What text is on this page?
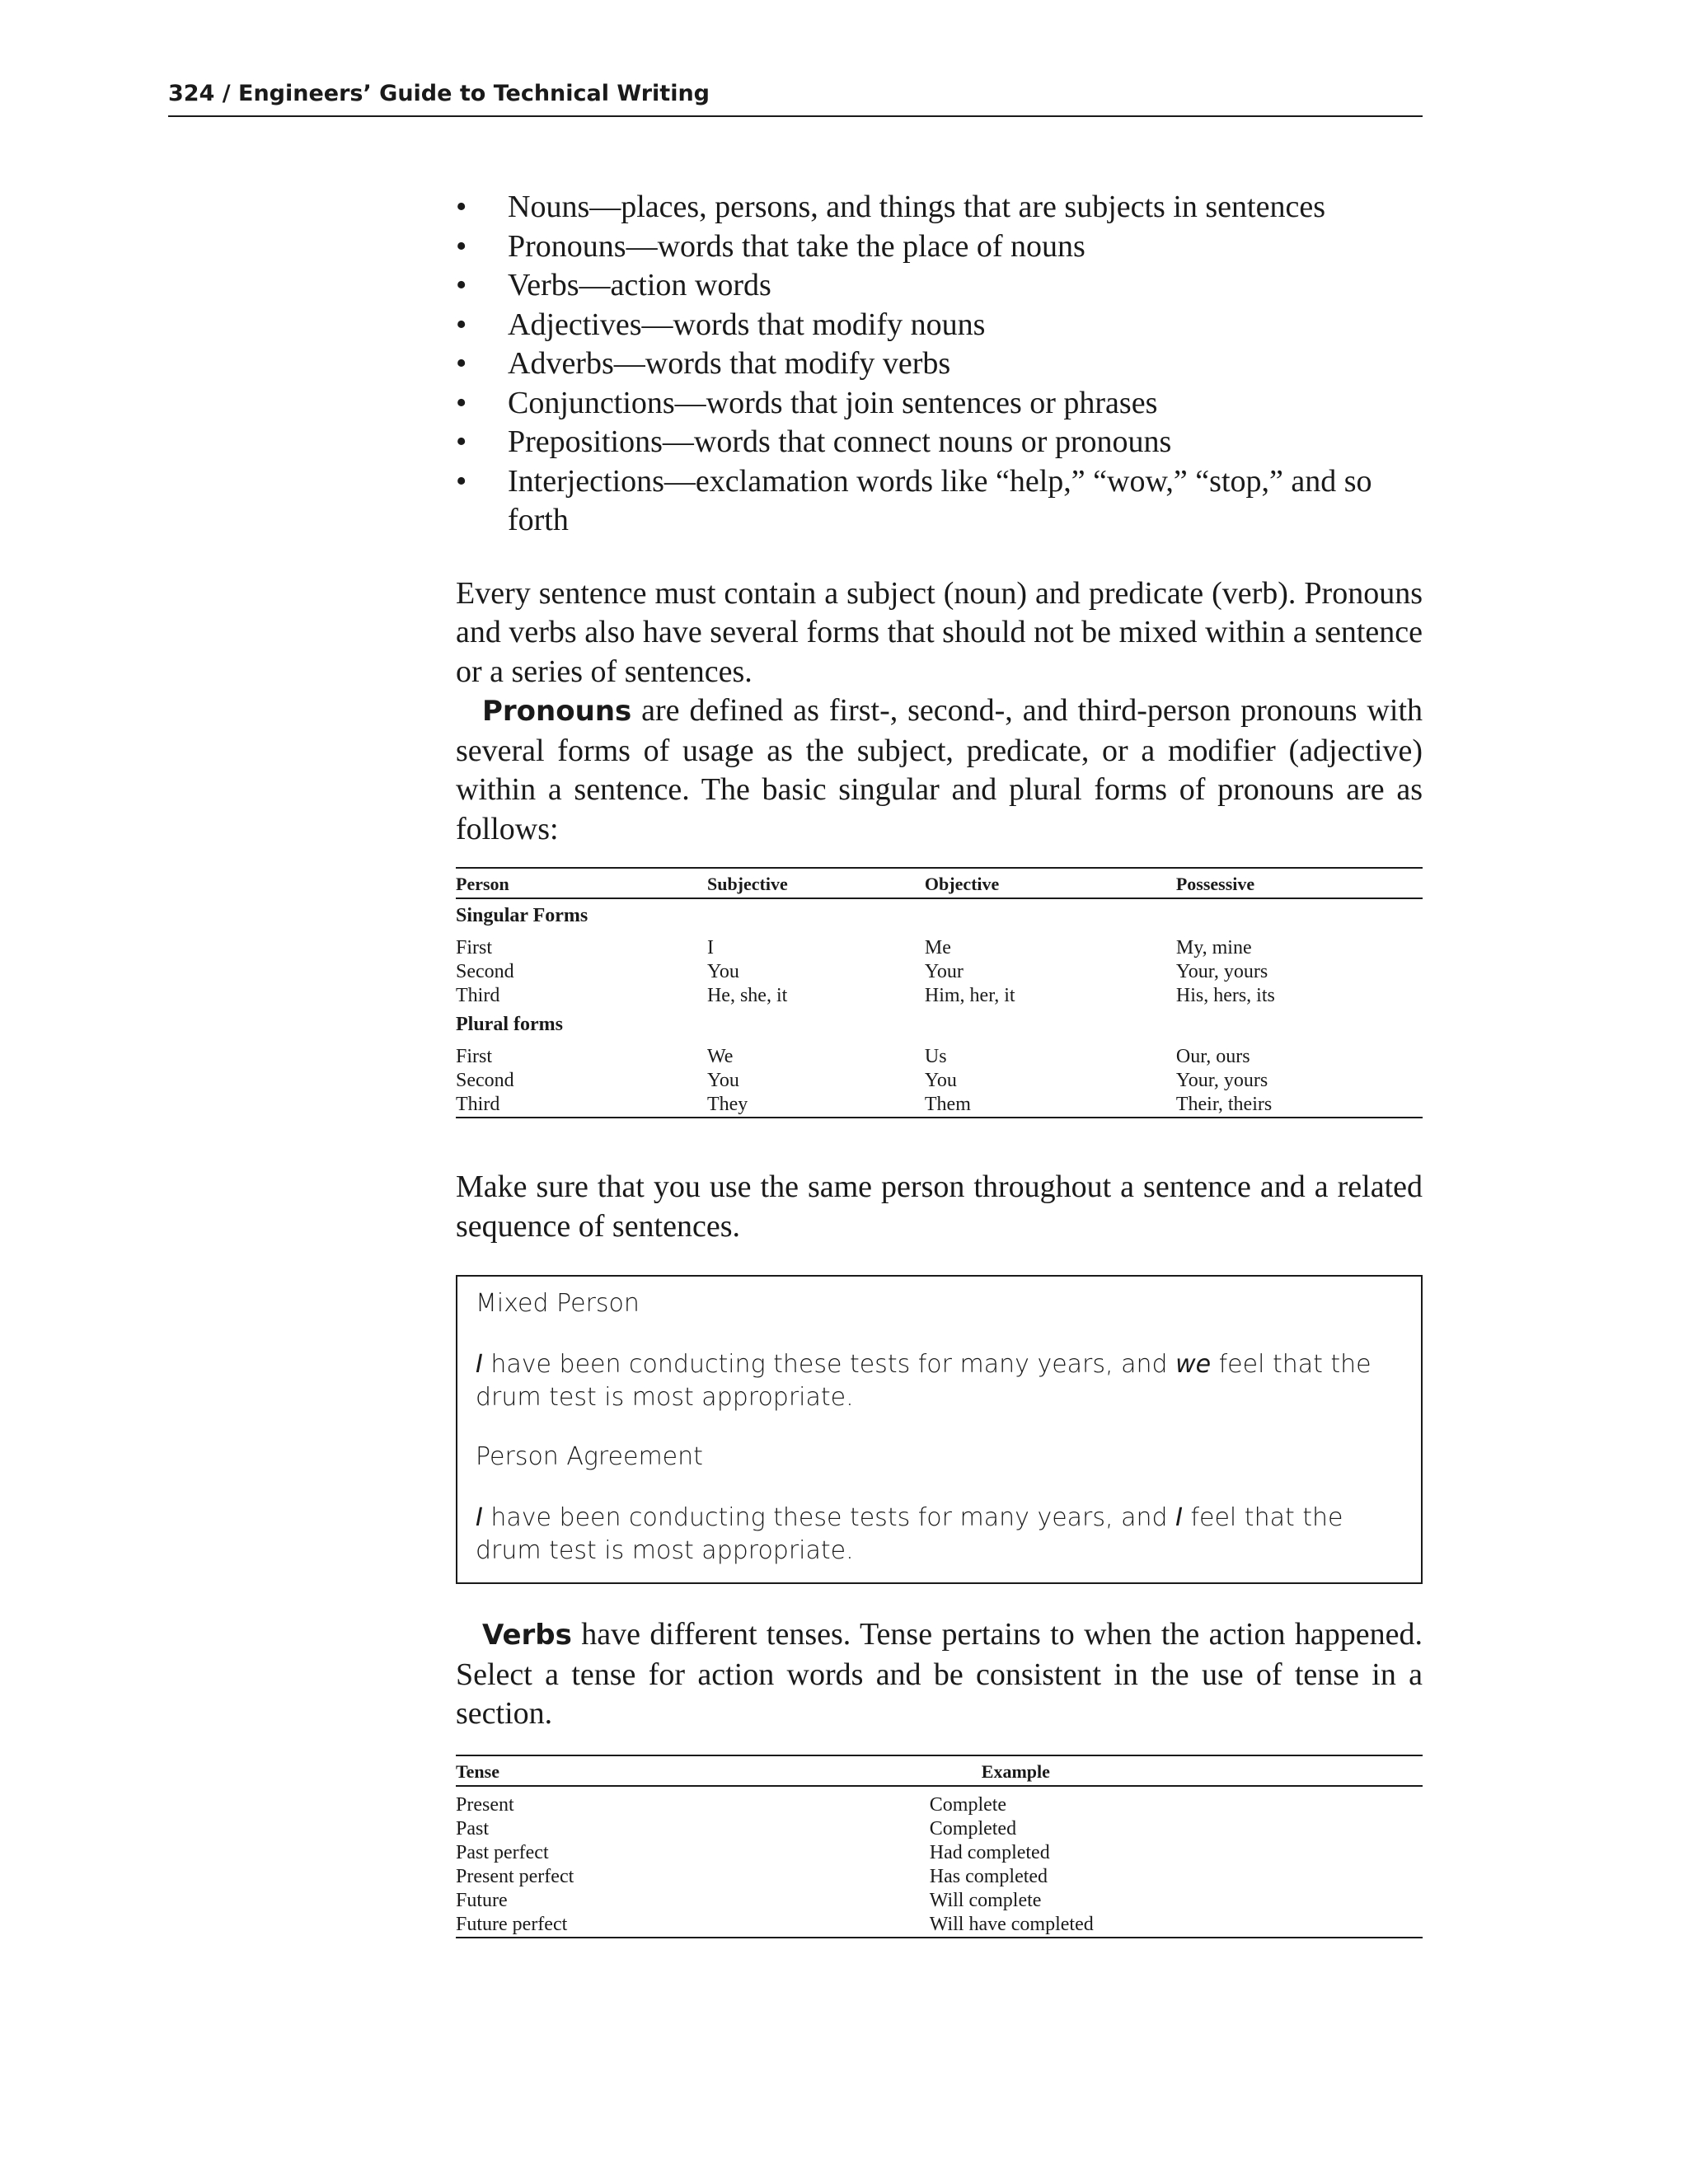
324 / Engineers’ Guide to Technical Writing
• Nouns—places, persons, and things that are subjects in sentences
• Pronouns—words that take the place of nouns
• Verbs—action words
• Adjectives—words that modify nouns
• Adverbs—words that modify verbs
• Conjunctions—words that join sentences or phrases
• Prepositions—words that connect nouns or pronouns
• Interjections—exclamation words like “help,” “wow,” “stop,” and so forth

Every sentence must contain a subject (noun) and predicate (verb). Pronouns and verbs also have several forms that should not be mixed within a sentence or a series of sentences.

Pronouns are defined as first-, second-, and third-person pronouns with several forms of usage as the subject, predicate, or a modifier (adjective) within a sentence. The basic singular and plural forms of pronouns are as follows:

Person	Subjective	Objective	Possessive
Singular Forms			
First	I	Me	My, mine
Second	You	Your	Your, yours
Third	He, she, it	Him, her, it	His, hers, its
Plural forms			
First	We	Us	Our, ours
Second	You	You	Your, yours
Third	They	Them	Their, theirs

Make sure that you use the same person throughout a sentence and a related sequence of sentences.

Mixed Person

I have been conducting these tests for many years, and we feel that the drum test is most appropriate.

Person Agreement

I have been conducting these tests for many years, and I feel that the drum test is most appropriate.

Verbs have different tenses. Tense pertains to when the action happened. Select a tense for action words and be consistent in the use of tense in a section.

Tense	Example
Present	Complete
Past	Completed
Past perfect	Had completed
Present perfect	Has completed
Future	Will complete
Future perfect	Will have completed
